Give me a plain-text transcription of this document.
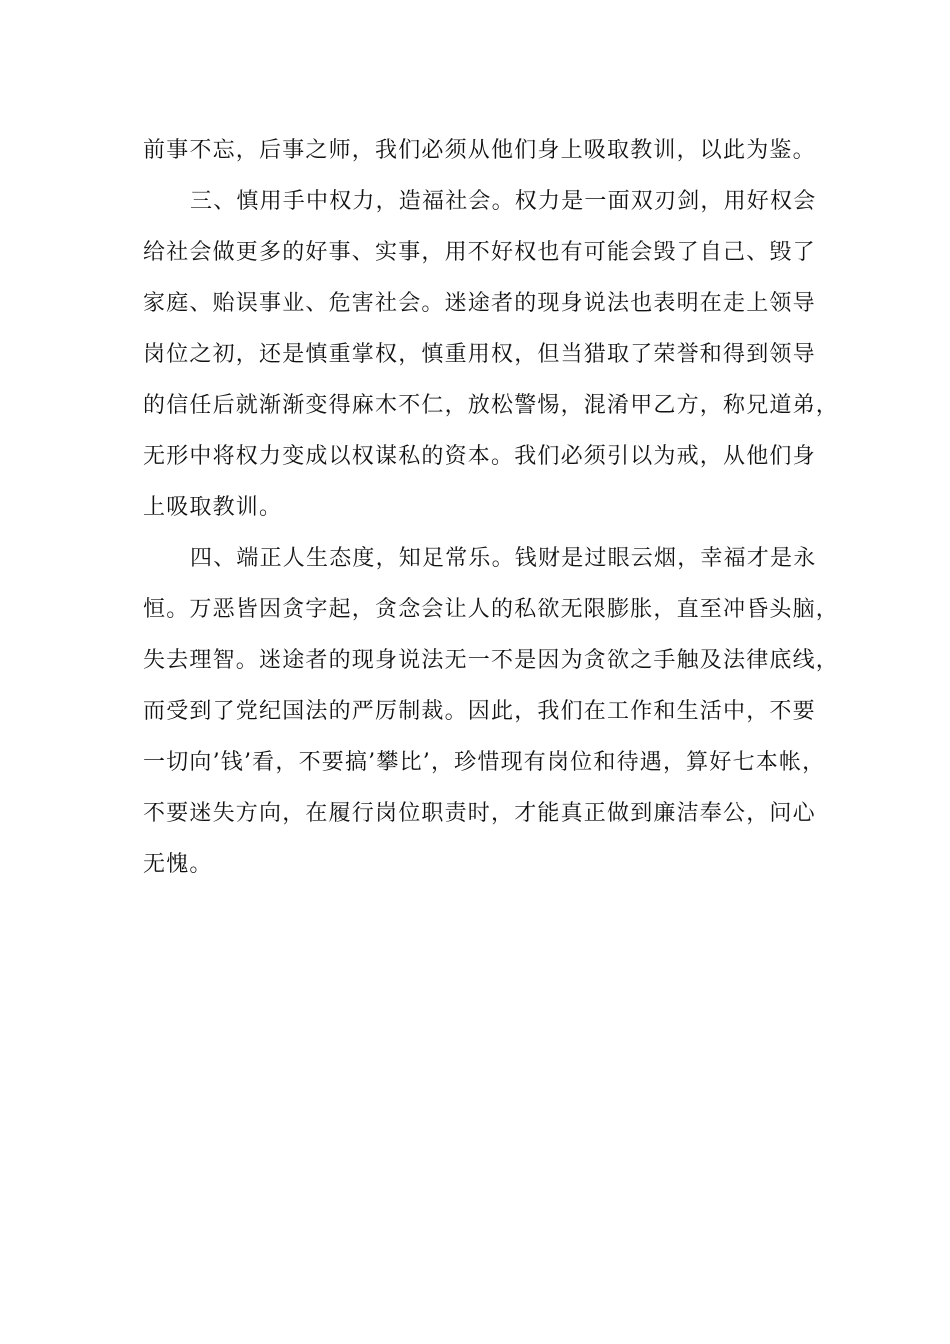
前事不忘，后事之师，我们必须从他们身上吸取教训，以此为鉴。
三、慎用手中权力，造福社会。权力是一面双刃剑，用好权会
给社会做更多的好事、实事，用不好权也有可能会毁了自己、毁了
家庭、贻误事业、危害社会。迷途者的现身说法也表明在走上领导
岗位之初，还是慎重掌权，慎重用权，但当猎取了荣誉和得到领导
的信任后就渐渐变得麻木不仁，放松警惕，混淆甲乙方，称兄道弟，
无形中将权力变成以权谋私的资本。我们必须引以为戒，从他们身
上吸取教训。
四、端正人生态度，知足常乐。钱财是过眼云烟，幸福才是永
恒。万恶皆因贪字起，贪念会让人的私欲无限膨胀，直至冲昏头脑，
失去理智。迷途者的现身说法无一不是因为贪欲之手触及法律底线，
而受到了党纪国法的严厉制裁。因此，我们在工作和生活中，不要
一切向’钱’看，不要搞’攀比’，珍惜现有岗位和待遇，算好七本帐，
不要迷失方向，在履行岗位职责时，才能真正做到廉洁奉公，问心
无愧。
